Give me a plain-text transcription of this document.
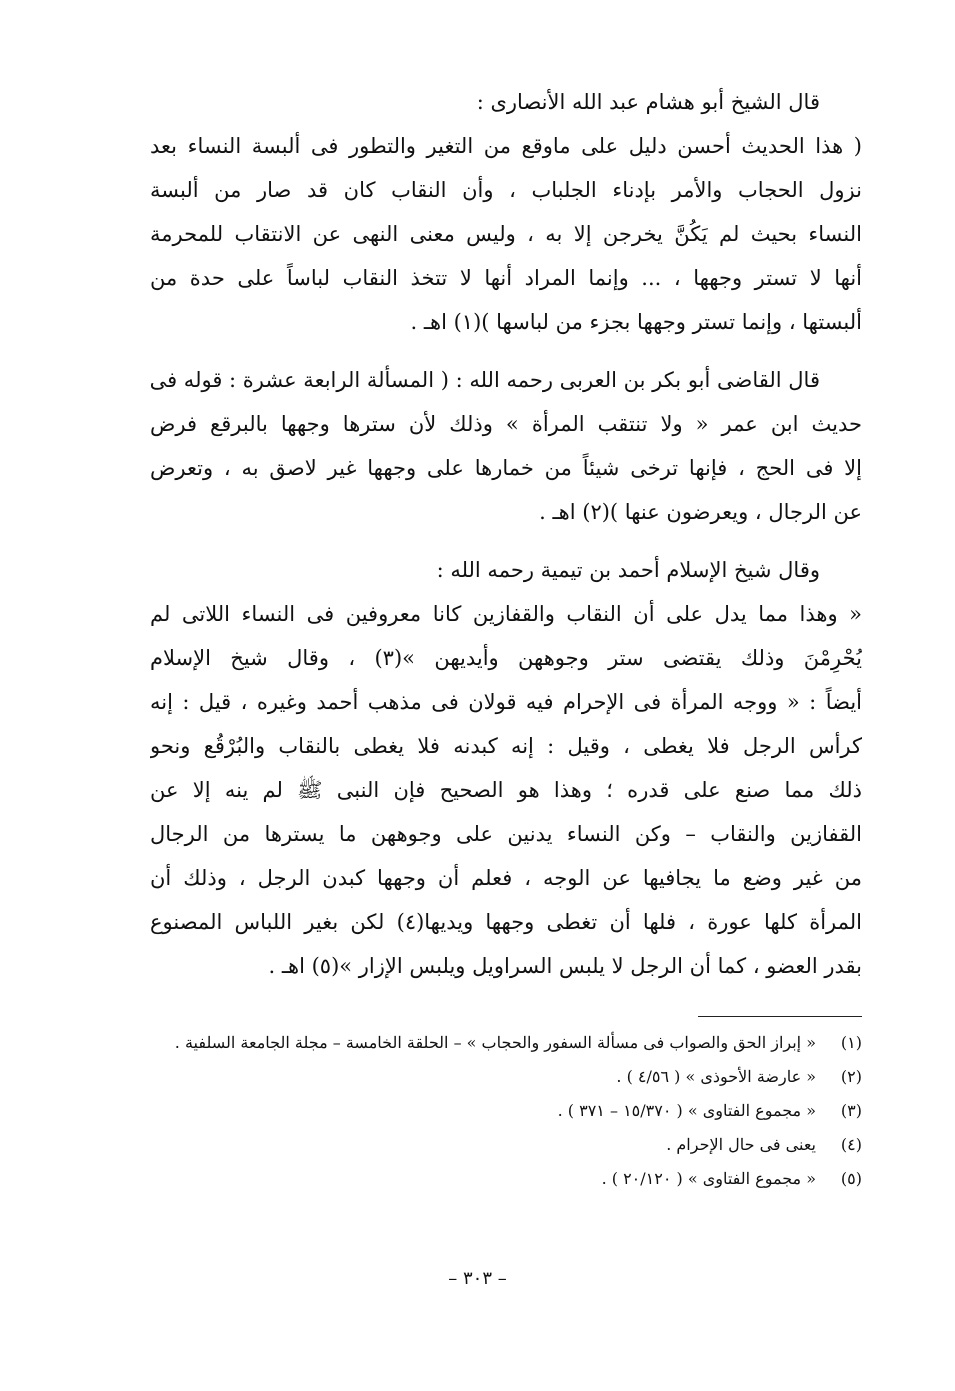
قال الشيخ أبو هشام عبد الله الأنصارى :
( هذا الحديث أحسن دليل على ماوقع من التغير والتطور فى ألبسة النساء بعد
نزول الحجاب والأمر بإدناء الجلباب ، وأن النقاب كان قد صار من ألبسة
النساء بحيث لم يَكُنَّ يخرجن إلا به ، وليس معنى النهى عن الانتقاب للمحرمة
أنها لا تستر وجهها ، ... وإنما المراد أنها لا تتخذ النقاب لباساً على حدة من
ألبستها ، وإنما تستر وجهها بجزء من لباسها )(١) اهـ .
قال القاضى أبو بكر بن العربى رحمه الله : ( المسألة الرابعة عشرة : قوله فى
حديث ابن عمر « ولا تنتقب المرأة » وذلك لأن سترها وجهها بالبرقع فرض
إلا فى الحج ، فإنها ترخى شيئاً من خمارها على وجهها غير لاصق به ، وتعرض
عن الرجال ، ويعرضون عنها )(٢) اهـ .
وقال شيخ الإسلام أحمد بن تيمية رحمه الله :
« وهذا مما يدل على أن النقاب والقفازين كانا معروفين فى النساء اللاتى لم
يُحْرِمْنَ وذلك يقتضى ستر وجوههن وأيديهن »(٣) ، وقال شيخ الإسلام
أيضاً : « ووجه المرأة فى الإحرام فيه قولان فى مذهب أحمد وغيره ، قيل : إنه
كرأس الرجل فلا يغطى ، وقيل : إنه كبدنه فلا يغطى بالنقاب والبُرْقُع ونحو
ذلك مما صنع على قدره ؛ وهذا هو الصحيح فإن النبى ﷺ لم ينه إلا عن
القفازين والنقاب – وكن النساء يدنين على وجوههن ما يسترها من الرجال
من غير وضع ما يجافيها عن الوجه ، فعلم أن وجهها كبدن الرجل ، وذلك أن
المرأة كلها عورة ، فلها أن تغطى وجهها ويديها(٤) لكن بغير اللباس المصنوع
بقدر العضو ، كما أن الرجل لا يلبس السراويل ويلبس الإزار »(٥) اهـ .
(١)
« إبراز الحق والصواب فى مسألة السفور والحجاب » – الحلقة الخامسة – مجلة الجامعة السلفية .
(٢)
« عارضة الأحوذى » ( ٤/٥٦ ) .
(٣)
« مجموع الفتاوى » ( ١٥/٣٧٠ – ٣٧١ ) .
(٤)
يعنى فى حال الإحرام .
(٥)
« مجموع الفتاوى » ( ٢٠/١٢٠ ) .
– ٣٠٣ –
